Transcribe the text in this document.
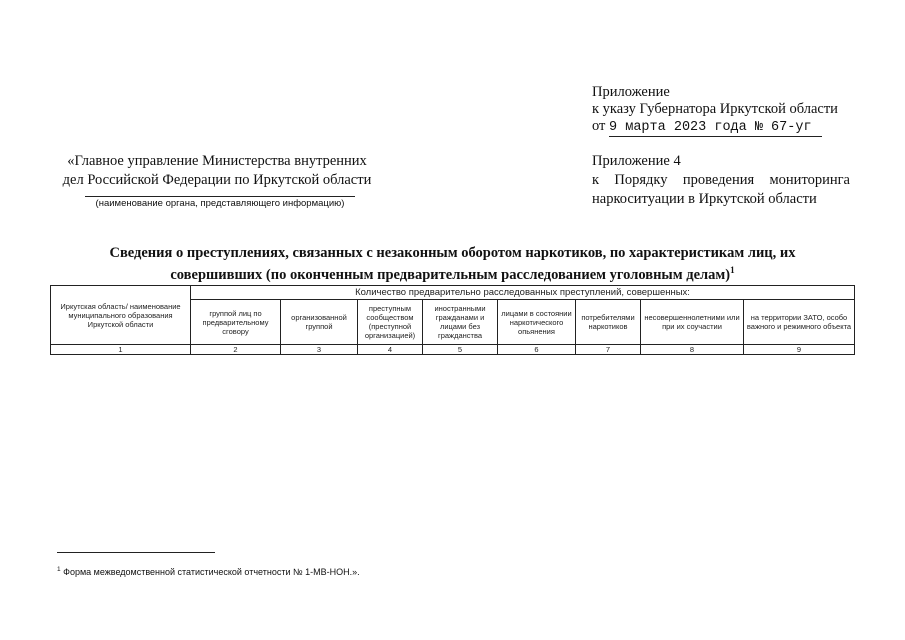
Приложение
к указу Губернатора Иркутской области
от 9 марта 2023 года № 67-уг
Приложение 4
к Порядку проведения мониторинга
наркоситуации в Иркутской области
«Главное управление Министерства внутренних
дел Российской Федерации по Иркутской области
(наименование органа, представляющего информацию)
Сведения о преступлениях, связанных с незаконным оборотом наркотиков, по характеристикам лиц, их
совершивших (по оконченным предварительным расследованием уголовным делам)$^1$
Иркутская область/ наименование муниципального образования Иркутской области	Количество предварительно расследованных преступлений, совершенных:							
	группой лиц по предварительному сговору	организованной группой	преступным сообществом (преступной организацией)	иностранными гражданами и лицами без гражданства	лицами в состоянии наркотического опьянения	потребителями наркотиков	несовершеннолетними или при их соучастии	на территории ЗАТО, особо важного и режимного объекта
1	2	3	4	5	6	7	8	9
$^1$ Форма межведомственной статистической отчетности № 1-МВ-НОН.».
